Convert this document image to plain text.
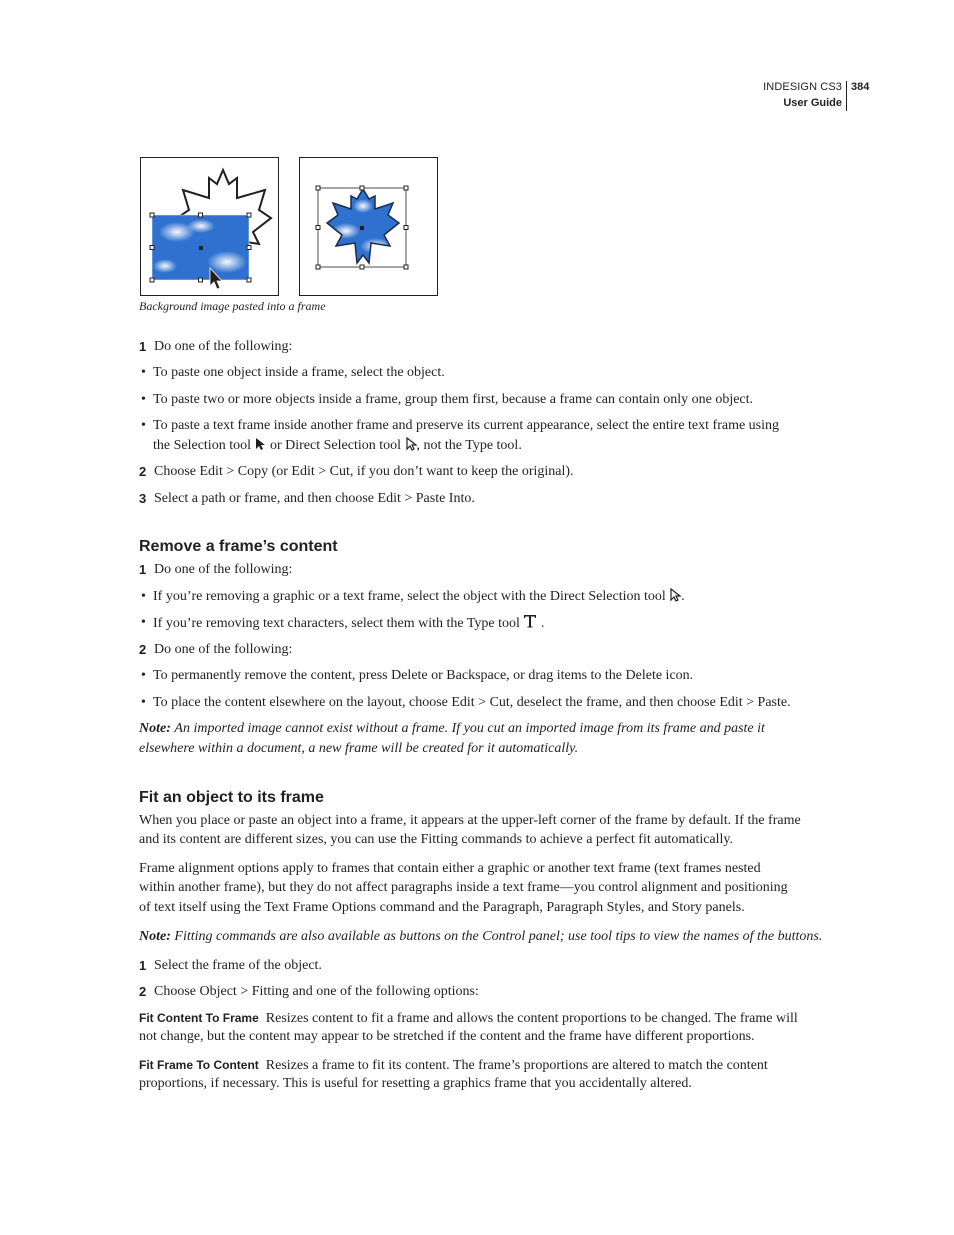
INDESIGN CS3
User Guide
384
Background image pasted into a frame
1 Do one of the following:
• To paste one object inside a frame, select the object.
• To paste two or more objects inside a frame, group them first, because a frame can contain only one object.
• To paste a text frame inside another frame and preserve its current appearance, select the entire text frame using
the Selection tool or Direct Selection tool , not the Type tool.
2 Choose Edit > Copy (or Edit > Cut, if you don’t want to keep the original).
3 Select a path or frame, and then choose Edit > Paste Into.
Remove a frame’s content
1 Do one of the following:
• If you’re removing a graphic or a text frame, select the object with the Direct Selection tool .
• If you’re removing text characters, select them with the Type tool .
2 Do one of the following:
• To permanently remove the content, press Delete or Backspace, or drag items to the Delete icon.
• To place the content elsewhere on the layout, choose Edit > Cut, deselect the frame, and then choose Edit > Paste.
Note: An imported image cannot exist without a frame. If you cut an imported image from its frame and paste it
elsewhere within a document, a new frame will be created for it automatically.
Fit an object to its frame
When you place or paste an object into a frame, it appears at the upper-left corner of the frame by default. If the frame
and its content are different sizes, you can use the Fitting commands to achieve a perfect fit automatically.
Frame alignment options apply to frames that contain either a graphic or another text frame (text frames nested
within another frame), but they do not affect paragraphs inside a text frame—you control alignment and positioning
of text itself using the Text Frame Options command and the Paragraph, Paragraph Styles, and Story panels.
Note: Fitting commands are also available as buttons on the Control panel; use tool tips to view the names of the buttons.
1 Select the frame of the object.
2 Choose Object > Fitting and one of the following options:
Fit Content To Frame Resizes content to fit a frame and allows the content proportions to be changed. The frame will
not change, but the content may appear to be stretched if the content and the frame have different proportions.
Fit Frame To Content Resizes a frame to fit its content. The frame’s proportions are altered to match the content
proportions, if necessary. This is useful for resetting a graphics frame that you accidentally altered.
